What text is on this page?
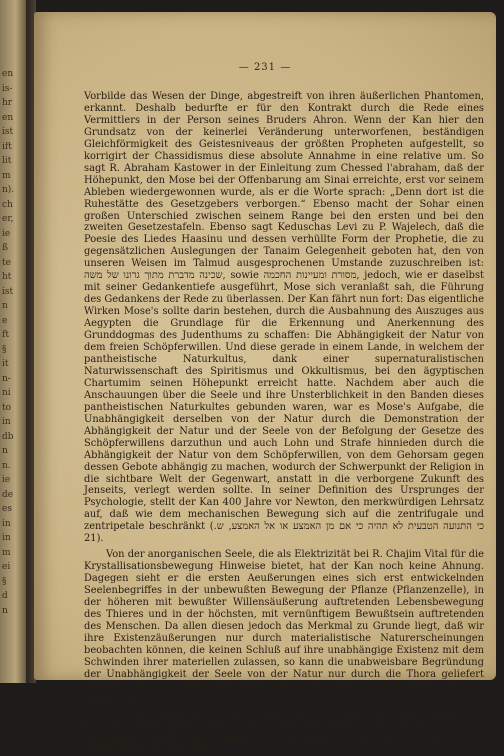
en
is-
hr
en
ist
ift
lit
m
n).
ch
er,
ie
ß
te
ht
ist
n
e
ft
§
it
n-
ni
to
in
db
n
n.
ie
de
es
in
in
m
ei
§
d
n
— 231 —

Vorbilde das Wesen der Dinge, abgestreift von ihren äußerlichen Phantomen, erkannt. Deshalb bedurfte er für den Kontrakt durch die Rede eines Vermittlers in der Person seines Bruders Ahron. Wenn der Kan hier den Grundsatz von der keinerlei Veränderung unterworfenen, beständigen Gleichförmigkeit des Geistesniveaus der größten Propheten aufgestellt, so korrigirt der Chassidismus diese absolute Annahme in eine relative um. So sagt R. Abraham Kastower in der Einleitung zum Chessed l'abraham, daß der Höhepunkt, den Mose bei der Offenbarung am Sinai erreichte, erst vor seinem Ableben wiedergewonnen wurde, als er die Worte sprach: „Denn dort ist die Ruhestätte des Gesetzgebers verborgen.“ Ebenso macht der Sohar einen großen Unterschied zwischen seinem Range bei den ersten und bei den zweiten Gesetzestafeln. Ebenso sagt Keduschas Levi zu P. Wajelech, daß die Poesie des Liedes Haasinu und dessen verhüllte Form der Prophetie, die zu gegensätzlichen Auslegungen der Tanaim Gelegenheit geboten hat, den von unseren Weisen im Talmud ausgesprochenen Umstande zuzuschreiben ist: שכינה מדברת מתוך גרונו של משה, sowie מסורת ומעיינות החכמה, jedoch, wie er daselbst mit seiner Gedankentiefe ausgeführt, Mose sich veranlaßt sah, die Führung des Gedankens der Rede zu überlassen. Der Kan fährt nun fort: Das eigentliche Wirken Mose's sollte darin bestehen, durch die Ausbahnung des Auszuges aus Aegypten die Grundlage für die Erkennung und Anerkennung des Grunddogmas des Judenthums zu schaffen: Die Abhängigkeit der Natur von dem freien Schöpferwillen. Und diese gerade in einem Lande, in welchem der pantheistische Naturkultus, dank einer supernaturalistischen Naturwissenschaft des Spiritismus und Okkultismus, bei den ägyptischen Chartumim seinen Höhepunkt erreicht hatte. Nachdem aber auch die Anschauungen über die Seele und ihre Unsterblichkeit in den Banden dieses pantheistischen Naturkultes gebunden waren, war es Mose's Aufgabe, die Unabhängigkeit derselben von der Natur durch die Demonstration der Abhängigkeit der Natur und der Seele von der Befolgung der Gesetze des Schöpferwillens darzuthun und auch Lohn und Strafe hinnieden durch die Abhängigkeit der Natur von dem Schöpferwillen, von dem Gehorsam gegen dessen Gebote abhängig zu machen, wodurch der Schwerpunkt der Religion in die sichtbare Welt der Gegenwart, anstatt in die verborgene Zukunft des Jenseits, verlegt werden sollte. In seiner Definition des Ursprunges der Psychologie, stellt der Kan 400 Jahre vor Newton, den merkwürdigen Lehrsatz auf, daß wie dem mechanischen Bewegung sich auf die zentrifugale und zentripetale beschränkt (כי התנועה הטבעית לא תהיה כי אם מן האמצע או אל האמצע, ש. 21).

Von der anorganischen Seele, die als Elektrizität bei R. Chajim Vital für die Krystallisationsbewegung Hinweise bietet, hat der Kan noch keine Ahnung. Dagegen sieht er die ersten Aeußerungen eines sich erst entwickelnden Seelenbegriffes in der unbewußten Bewegung der Pflanze (Pflanzenzelle), in der höheren mit bewußter Willensäußerung auftretenden Lebensbewegung des Thieres und in der höchsten, mit vernünftigem Bewußtsein auftretenden des Menschen. Da allen diesen jedoch das Merkmal zu Grunde liegt, daß wir ihre Existenzäußerungen nur durch materialistische Naturerscheinungen beobachten können, die keinen Schluß auf ihre unabhängige Existenz mit dem Schwinden ihrer materiellen zulassen, so kann die unabweisbare Begründung der Unabhängigkeit der Seele von der Natur nur durch die Thora geliefert werden, die ihre Herrschaft über die Natur durch das Auftreten Mose's manifestirt.

Die Chassidimlehrer stellen den Grundsatz auf, daß man unsere alle Literatur ihrem inneren Wesen nach ohne den Schlüssel des Ideenkreises des Balschemtow und seiner Schüler entweder garnicht oder nur sehr äußerlich in rohen Umrissen aus dem
